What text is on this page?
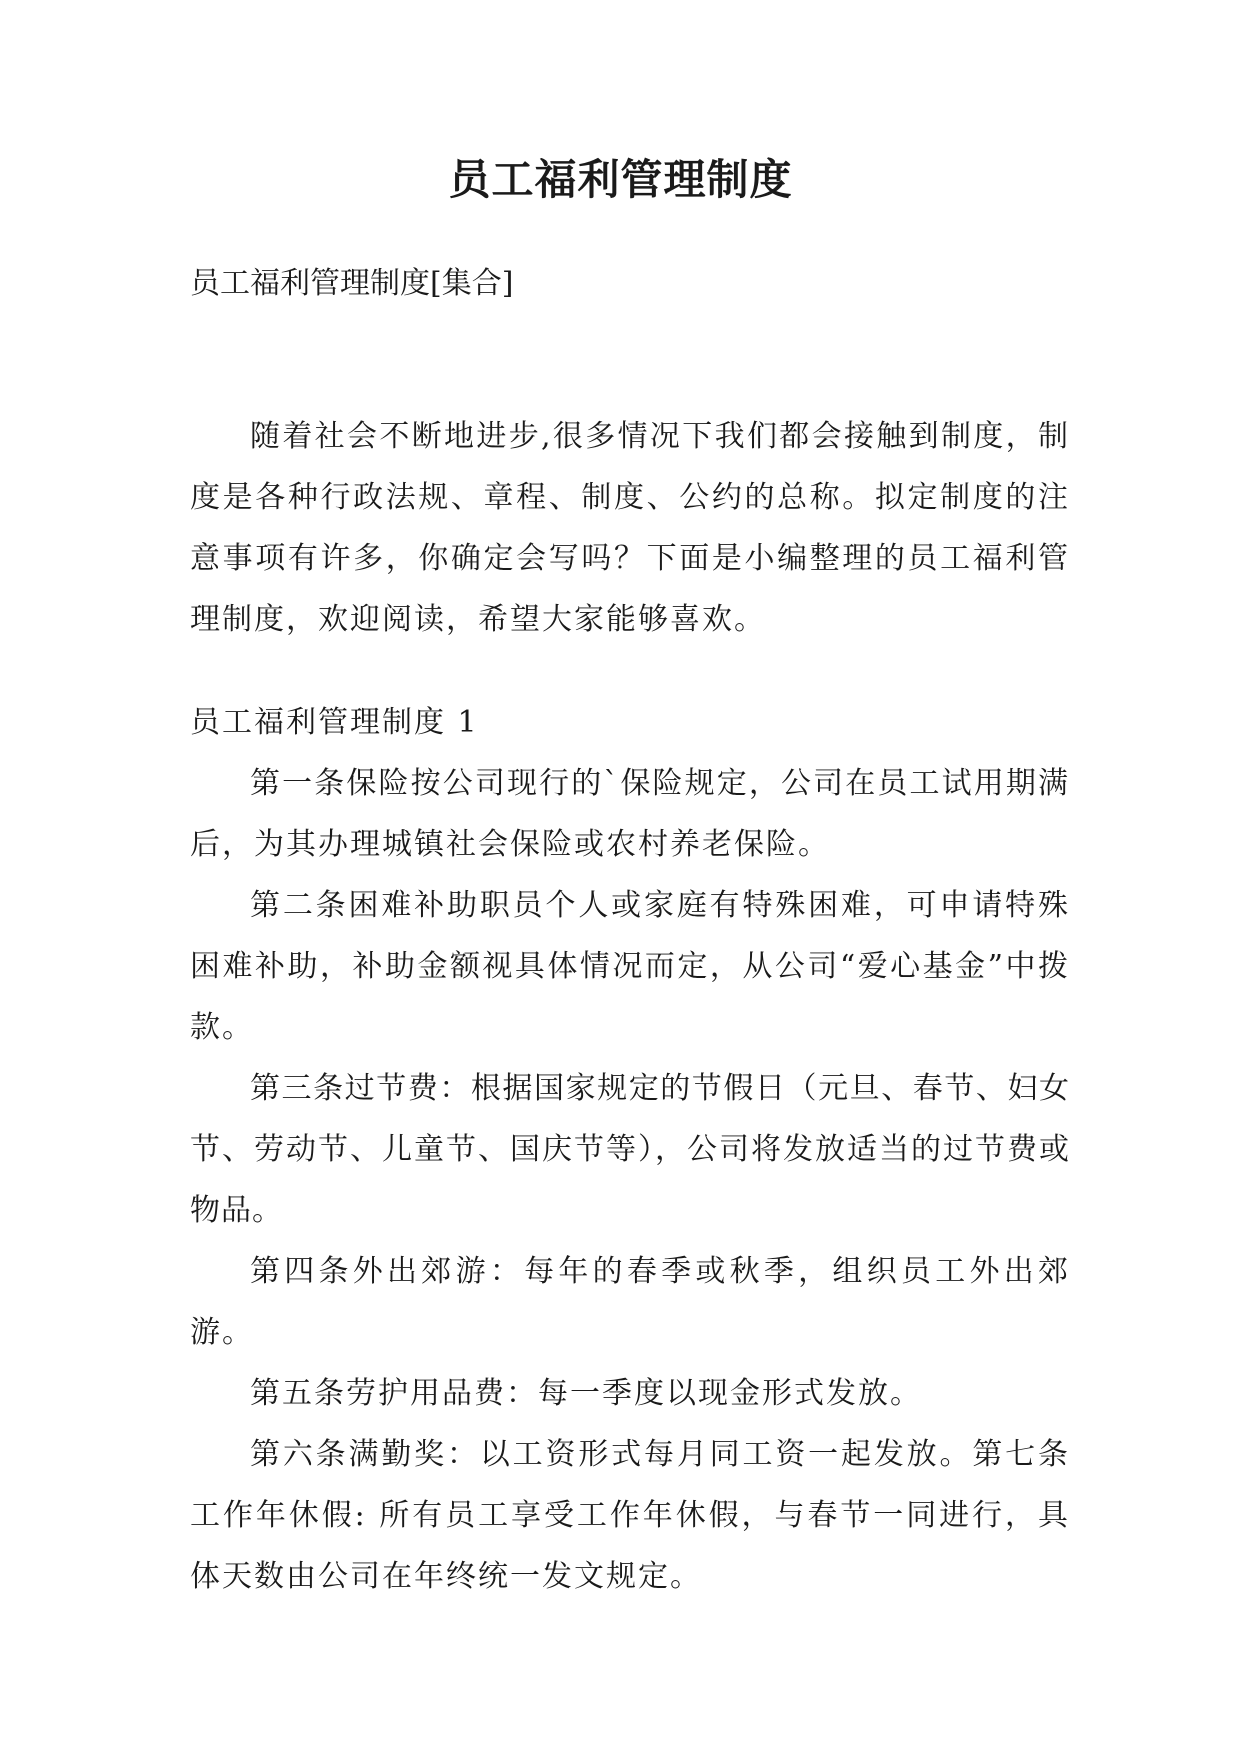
员工福利管理制度
员工福利管理制度[集合]

随着社会不断地进步,很多情况下我们都会接触到制度，制度是各种行政法规、章程、制度、公约的总称。拟定制度的注意事项有许多，你确定会写吗？下面是小编整理的员工福利管理制度，欢迎阅读，希望大家能够喜欢。

员工福利管理制度 1

第一条保险按公司现行的`保险规定，公司在员工试用期满后，为其办理城镇社会保险或农村养老保险。

第二条困难补助职员个人或家庭有特殊困难，可申请特殊困难补助，补助金额视具体情况而定，从公司“爱心基金”中拨款。

第三条过节费：根据国家规定的节假日（元旦、春节、妇女节、劳动节、儿童节、国庆节等），公司将发放适当的过节费或物品。

第四条外出郊游：每年的春季或秋季，组织员工外出郊游。

第五条劳护用品费：每一季度以现金形式发放。

第六条满勤奖：以工资形式每月同工资一起发放。第七条工作年休假: 所有员工享受工作年休假，与春节一同进行，具体天数由公司在年终统一发文规定。
